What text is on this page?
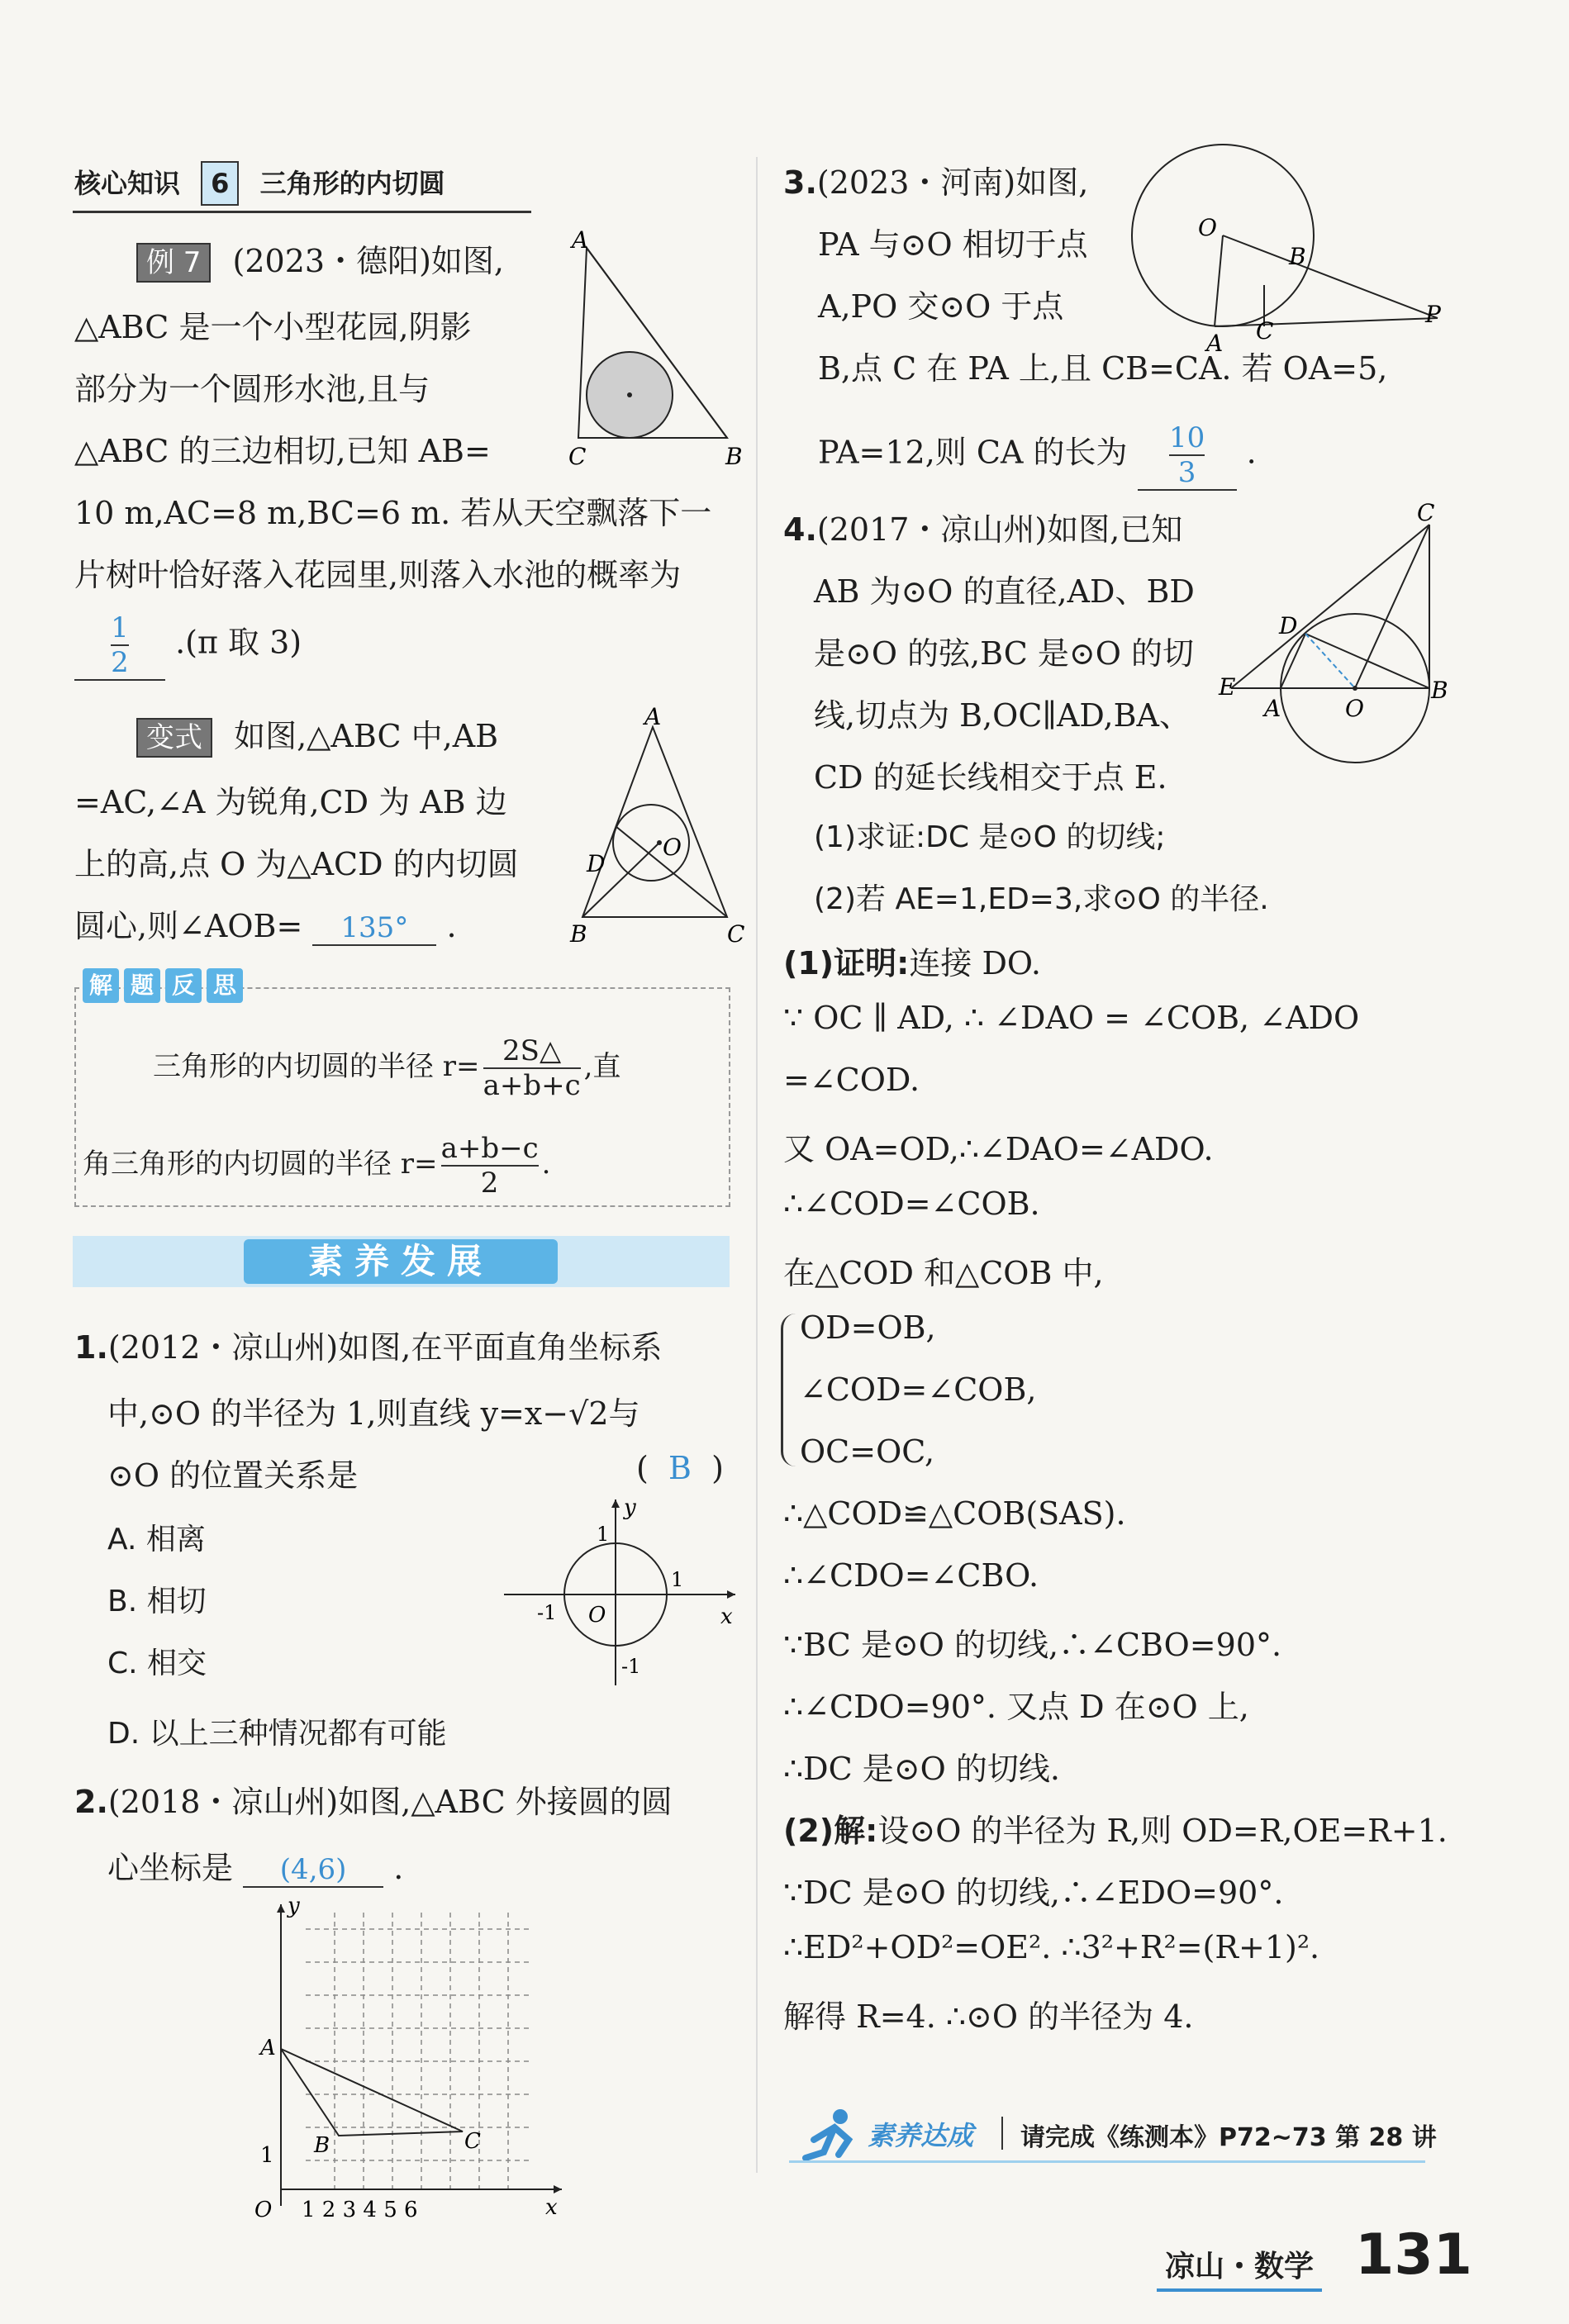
核心知识 6 三角形的内切圆
例 7 (2023・德阳)如图,
△ABC 是一个小型花园,阴影
部分为一个圆形水池,且与
△ABC 的三边相切,已知 AB=
10 m,AC=8 m,BC=6 m. 若从天空飘落下一
片树叶恰好落入花园里,则落入水池的概率为
$\frac{1}{2} .(\pi$ 取 3)
A
C	B
变式 如图,△ABC 中,AB
=AC,∠A 为锐角,CD 为 AB 边
上的高,点 O 为△ACD 的内切圆
圆心,则∠AOB= 135° .
A
B	C
D
O
解 题 反 思
三角形的内切圆的半径 $r= \frac{2S\triangle}{a+b+c}$ ,直
角三角形的内切圆的半径 $r= \frac{a+b-c}{2}$ .
素养发展
1.(2012・凉山州)如图,在平面直角坐标系
中,⊙O 的半径为 1,则直线 y=x−√2与
⊙O 的位置关系是	(  B  )
A. 相离
B. 相切
C. 相交
D. 以上三种情况都有可能
y
x
O
1
1
-1
-1
2.(2018・凉山州)如图,△ABC 外接圆的圆
心坐标是 (4,6) .
y
x
A
B	C
O
1
1 2 3 4 5 6
3.(2023・河南)如图,
PA 与⊙O 相切于点
A,PO 交⊙O 于点
B,点 C 在 PA 上,且 CB=CA. 若 OA=5,
PA=12,则 CA 的长为 $\frac{10}{3}$ .
O
A C
B
P
4.(2017・凉山州)如图,已知
AB 为⊙O 的直径,AD、BD
是⊙O 的弦,BC 是⊙O 的切
线,切点为 B,OC∥AD,BA、
CD 的延长线相交于点 E.
(1)求证:DC 是⊙O 的切线;
(2)若 AE=1,ED=3,求⊙O 的半径.
C
D
E
A	O
B
(1)证明:连接 DO.
∵ OC ∥ AD, ∴ ∠DAO = ∠COB, ∠ADO
=∠COD.
又 OA=OD,∴∠DAO=∠ADO.
∴∠COD=∠COB.
在△COD 和△COB 中,
OD=OB,
∠COD=∠COB,
OC=OC,
∴△COD≌△COB(SAS).
∴∠CDO=∠CBO.
∵BC 是⊙O 的切线,∴∠CBO=90°.
∴∠CDO=90°. 又点 D 在⊙O 上,
∴DC 是⊙O 的切线.
(2)解:设⊙O 的半径为 R,则 OD=R,OE=R+1.
∵DC 是⊙O 的切线,∴∠EDO=90°.
∴ED²+OD²=OE². ∴3²+R²=(R+1)².
解得 R=4. ∴⊙O 的半径为 4.
素养达成 请完成《练测本》P72~73 第 28 讲
凉山・数学 131
